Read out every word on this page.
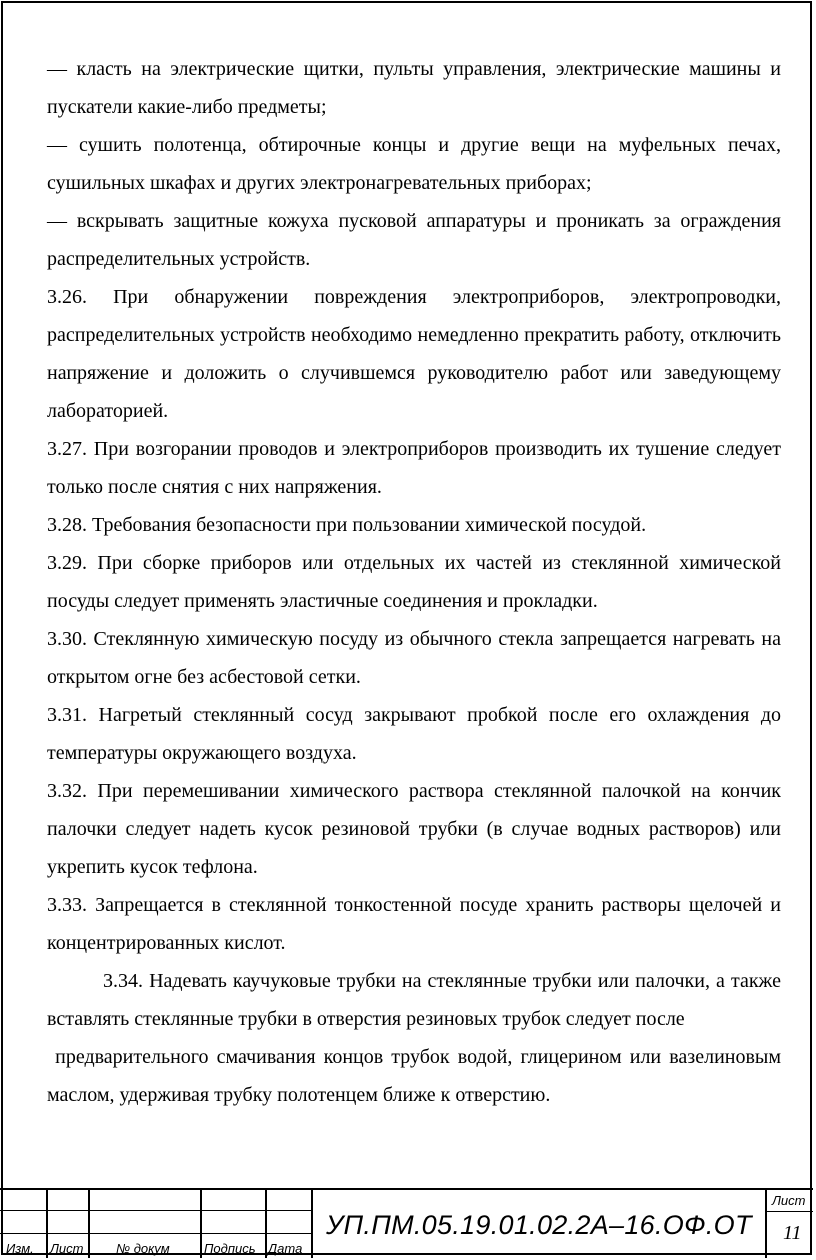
— класть на электрические щитки, пульты управления, электрические машины и пускатели какие-либо предметы;

— сушить полотенца, обтирочные концы и другие вещи на муфельных печах, сушильных шкафах и других электронагревательных приборах;

— вскрывать защитные кожуха пусковой аппаратуры и проникать за ограждения распределительных устройств.

3.26. При обнаружении повреждения электроприборов, электропроводки, распределительных устройств необходимо немедленно прекратить работу, отключить напряжение и доложить о случившемся руководителю работ или заведующему лабораторией.

3.27. При возгорании проводов и электроприборов производить их тушение следует только после снятия с них напряжения.

3.28. Требования безопасности при пользовании химической посудой.

3.29. При сборке приборов или отдельных их частей из стеклянной химической посуды следует применять эластичные соединения и прокладки.

3.30. Стеклянную химическую посуду из обычного стекла запрещается нагревать на открытом огне без асбестовой сетки.

3.31. Нагретый стеклянный сосуд закрывают пробкой после его охлаждения до температуры окружающего воздуха.

3.32. При перемешивании химического раствора стеклянной палочкой на кончик палочки следует надеть кусок резиновой трубки (в случае водных растворов) или укрепить кусок тефлона.

3.33. Запрещается в стеклянной тонкостенной посуде хранить растворы щелочей и концентрированных кислот.

3.34. Надевать каучуковые трубки на стеклянные трубки или палочки, а также вставлять стеклянные трубки в отверстия резиновых трубок следует после

предварительного смачивания концов трубок водой, глицерином или вазелиновым маслом, удерживая трубку полотенцем ближе к отверстию.

Изм. Лист	№ докум	Подпись Дата
УП.ПМ.05.19.01.02.2А–16.ОФ.ОТ
Лист
11
